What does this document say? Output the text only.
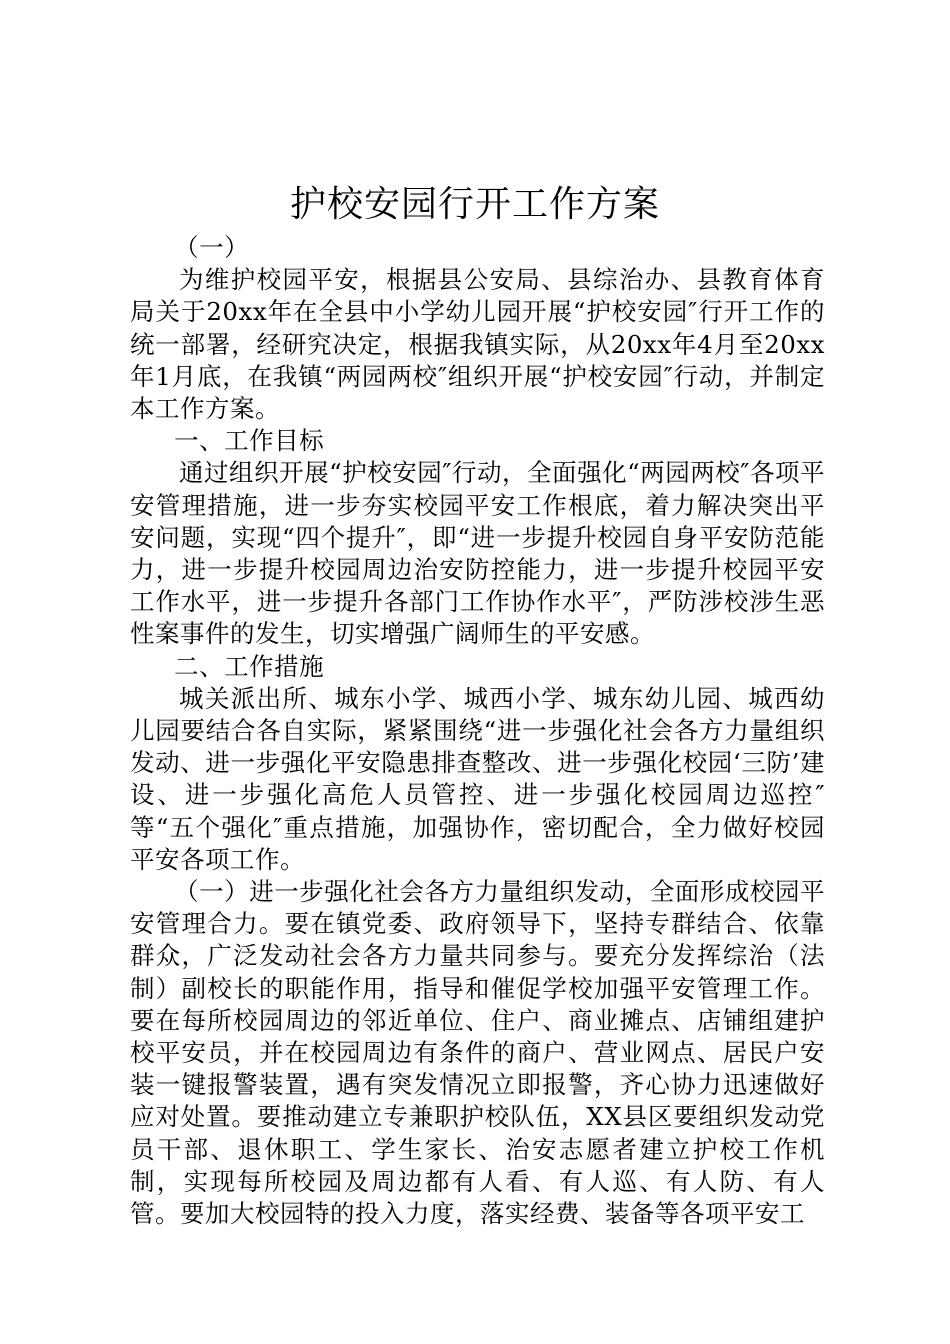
护校安园行开工作方案

（一）

为维护校园平安，根据县公安局、县综治办、县教育体育局关于20xx年在全县中小学幼儿园开展“护校安园″行开工作的统一部署，经研究决定，根据我镇实际，从20xx年4月至20xx年1月底，在我镇“两园两校″组织开展“护校安园″行动，并制定本工作方案。

一、工作目标

通过组织开展“护校安园″行动，全面强化“两园两校″各项平安管理措施，进一步夯实校园平安工作根底，着力解决突出平安问题，实现“四个提升″，即“进一步提升校园自身平安防范能力，进一步提升校园周边治安防控能力，进一步提升校园平安工作水平，进一步提升各部门工作协作水平″，严防涉校涉生恶性案事件的发生，切实增强广阔师生的平安感。

二、工作措施

城关派出所、城东小学、城西小学、城东幼儿园、城西幼儿园要结合各自实际，紧紧围绕“进一步强化社会各方力量组织发动、进一步强化平安隐患排查整改、进一步强化校园‘三防’建设、进一步强化高危人员管控、进一步强化校园周边巡控″等“五个强化″重点措施，加强协作，密切配合，全力做好校园平安各项工作。

（一）进一步强化社会各方力量组织发动，全面形成校园平安管理合力。要在镇党委、政府领导下，坚持专群结合、依靠群众，广泛发动社会各方力量共同参与。要充分发挥综治（法制）副校长的职能作用，指导和催促学校加强平安管理工作。要在每所校园周边的邻近单位、住户、商业摊点、店铺组建护校平安员，并在校园周边有条件的商户、营业网点、居民户安装一键报警装置，遇有突发情况立即报警，齐心协力迅速做好应对处置。要推动建立专兼职护校队伍，XX县区要组织发动党员干部、退休职工、学生家长、治安志愿者建立护校工作机制，实现每所校园及周边都有人看、有人巡、有人防、有人管。要加大校园特的投入力度，落实经费、装备等各项平安工
